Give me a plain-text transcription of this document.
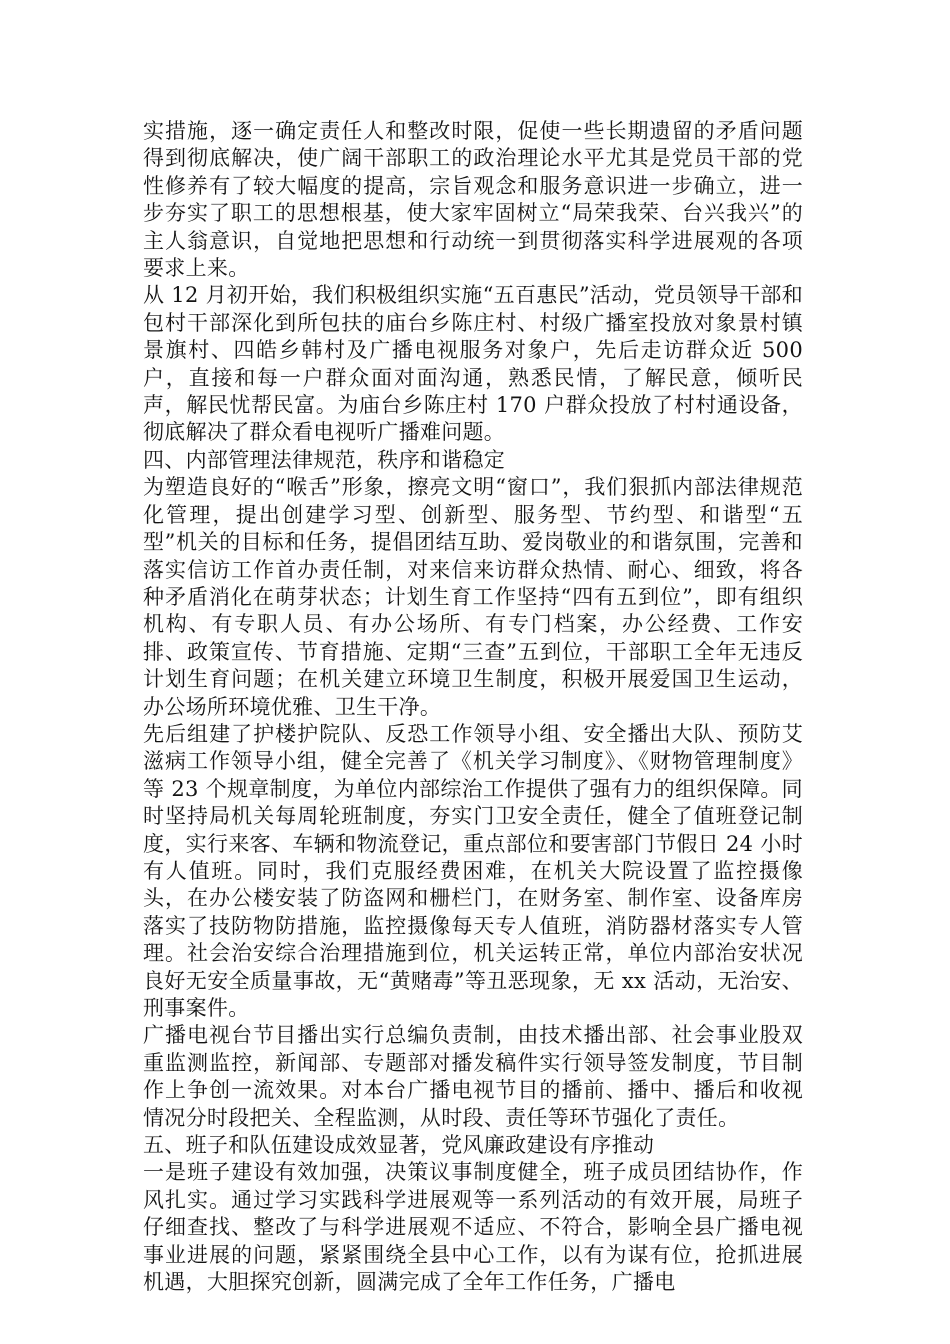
实措施，逐一确定责任人和整改时限，促使一些长期遗留的矛盾问题得到彻底解决，使广阔干部职工的政治理论水平尤其是党员干部的党性修养有了较大幅度的提高，宗旨观念和服务意识进一步确立，进一步夯实了职工的思想根基，使大家牢固树立“局荣我荣、台兴我兴”的主人翁意识，自觉地把思想和行动统一到贯彻落实科学进展观的各项要求上来。

从 12 月初开始，我们积极组织实施“五百惠民”活动，党员领导干部和包村干部深化到所包扶的庙台乡陈庄村、村级广播室投放对象景村镇景旗村、四皓乡韩村及广播电视服务对象户，先后走访群众近 500 户，直接和每一户群众面对面沟通，熟悉民情，了解民意，倾听民声，解民忧帮民富。为庙台乡陈庄村 170 户群众投放了村村通设备，彻底解决了群众看电视听广播难问题。

四、内部管理法律规范，秩序和谐稳定

为塑造良好的“喉舌”形象，擦亮文明“窗口”，我们狠抓内部法律规范化管理，提出创建学习型、创新型、服务型、节约型、和谐型“五型”机关的目标和任务，提倡团结互助、爱岗敬业的和谐氛围，完善和落实信访工作首办责任制，对来信来访群众热情、耐心、细致，将各种矛盾消化在萌芽状态；计划生育工作坚持“四有五到位”，即有组织机构、有专职人员、有办公场所、有专门档案，办公经费、工作安排、政策宣传、节育措施、定期“三查”五到位，干部职工全年无违反计划生育问题；在机关建立环境卫生制度，积极开展爱国卫生运动，办公场所环境优雅、卫生干净。

先后组建了护楼护院队、反恐工作领导小组、安全播出大队、预防艾滋病工作领导小组，健全完善了《机关学习制度》、《财物管理制度》等 23 个规章制度，为单位内部综治工作提供了强有力的组织保障。同时坚持局机关每周轮班制度，夯实门卫安全责任，健全了值班登记制度，实行来客、车辆和物流登记，重点部位和要害部门节假日 24 小时有人值班。同时，我们克服经费困难，在机关大院设置了监控摄像头，在办公楼安装了防盗网和栅栏门，在财务室、制作室、设备库房落实了技防物防措施，监控摄像每天专人值班，消防器材落实专人管理。社会治安综合治理措施到位，机关运转正常，单位内部治安状况良好无安全质量事故，无“黄赌毒”等丑恶现象，无 xx 活动，无治安、刑事案件。

广播电视台节目播出实行总编负责制，由技术播出部、社会事业股双重监测监控，新闻部、专题部对播发稿件实行领导签发制度，节目制作上争创一流效果。对本台广播电视节目的播前、播中、播后和收视情况分时段把关、全程监测，从时段、责任等环节强化了责任。

五、班子和队伍建设成效显著，党风廉政建设有序推动

一是班子建设有效加强，决策议事制度健全，班子成员团结协作，作风扎实。通过学习实践科学进展观等一系列活动的有效开展，局班子仔细查找、整改了与科学进展观不适应、不符合，影响全县广播电视事业进展的问题，紧紧围绕全县中心工作，以有为谋有位，抢抓进展机遇，大胆探究创新，圆满完成了全年工作任务，广播电
